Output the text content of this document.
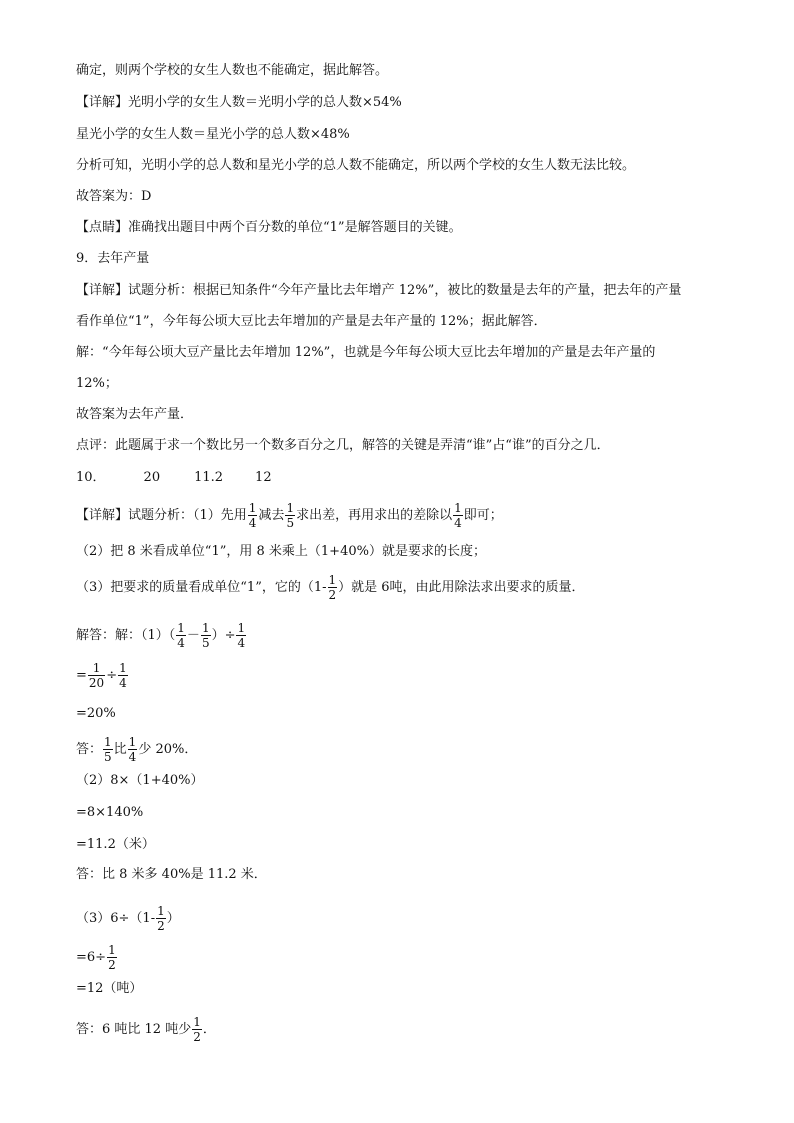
确定，则两个学校的女生人数也不能确定，据此解答。
【详解】光明小学的女生人数＝光明小学的总人数×54%
星光小学的女生人数＝星光小学的总人数×48%
分析可知，光明小学的总人数和星光小学的总人数不能确定，所以两个学校的女生人数无法比较。
故答案为：D
【点睛】准确找出题目中两个百分数的单位“1”是解答题目的关键。
9．去年产量
【详解】试题分析：根据已知条件“今年产量比去年增产 12%”，被比的数量是去年的产量，把去年的产量
看作单位“1”，今年每公顷大豆比去年增加的产量是去年产量的 12%；据此解答．
解：“今年每公顷大豆产量比去年增加 12%”，也就是今年每公顷大豆比去年增加的产量是去年产量的
12%；
故答案为去年产量．
点评：此题属于求一个数比另一个数多百分之几，解答的关键是弄清“谁”占“谁”的百分之几．
10．	20	11.2 12
【详解】试题分析：（1）先用 $\frac{1}{4}$ 减去 $\frac{1}{5}$ 求出差，再用求出的差除以 $\frac{1}{4}$ 即可；
（2）把 8 米看成单位“1”，用 8 米乘上（1+40%）就是要求的长度；
（3）把要求的质量看成单位“1”，它的（$1- \frac{1}{2}$ ）就是 6吨，由此用除法求出要求的质量．
解答：解：$(1)( \frac{1}{4} - \frac{1}{5}$ ）÷ $\frac{1}{4}$
= $\frac{1}{20} \div \frac{1}{4}$
=20%
答： $\frac{1}{5}$ 比 $\frac{1}{4}$ 少 20%．
（2）8×（1+40%）
=8×140%
=11.2（米）
答：比 8 米多 40%是 11.2 米．
$(3)6\div(1- \frac{1}{2}$ ）
$=6\div \frac{1}{2}$
=12（吨）
答：6 吨比 12 吨少 $\frac{1}{2}$ ．
